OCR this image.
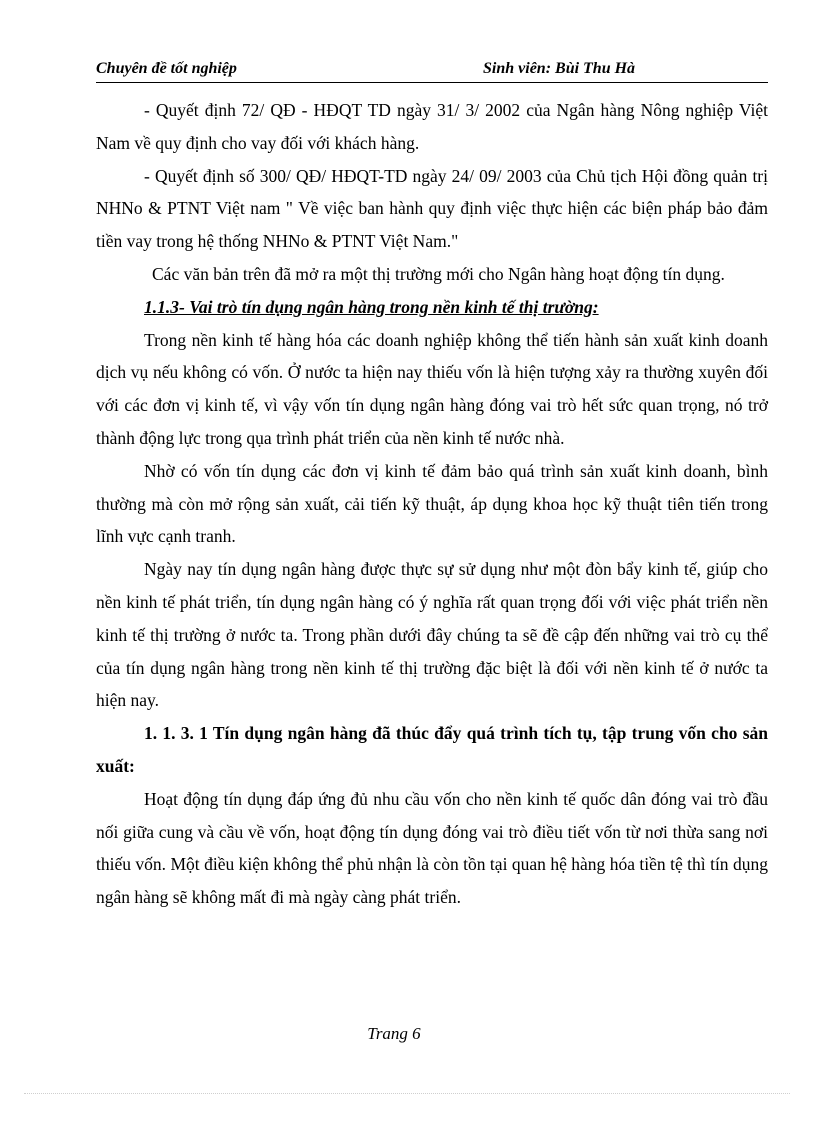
Chuyên đề tốt nghiệp	Sinh viên: Bùi Thu Hà

- Quyết định 72/ QĐ - HĐQT TD ngày 31/ 3/ 2002 của Ngân hàng Nông nghiệp Việt Nam về quy định cho vay đối với khách hàng.

- Quyết định số 300/ QĐ/ HĐQT-TD ngày 24/ 09/ 2003 của Chủ tịch Hội đồng quản trị NHNo & PTNT Việt nam " Về việc ban hành quy định việc thực hiện các biện pháp bảo đảm tiền vay trong hệ thống NHNo & PTNT Việt Nam."

Các văn bản trên đã mở ra một thị trường mới cho Ngân hàng hoạt động tín dụng.

1.1.3- Vai trò tín dụng ngân hàng trong nền kinh tế thị trường:

Trong nền kinh tế hàng hóa các doanh nghiệp không thể tiến hành sản xuất kinh doanh dịch vụ nếu không có vốn. Ở nước ta hiện nay thiếu vốn là hiện tượng xảy ra thường xuyên đối với các đơn vị kinh tế, vì vậy vốn tín dụng ngân hàng đóng vai trò hết sức quan trọng, nó trở thành động lực trong qụa trình phát triển của nền kinh tế nước nhà.

Nhờ có vốn tín dụng các đơn vị kinh tế đảm bảo quá trình sản xuất kinh doanh, bình thường mà còn mở rộng sản xuất, cải tiến kỹ thuật, áp dụng khoa học kỹ thuật tiên tiến trong lĩnh vực cạnh tranh.

Ngày nay tín dụng ngân hàng được thực sự sử dụng như một đòn bẩy kinh tế, giúp cho nền kinh tế phát triển, tín dụng ngân hàng có ý nghĩa rất quan trọng đối với việc phát triển nền kinh tế thị trường ở nước ta. Trong phần dưới đây chúng ta sẽ đề cập đến những vai trò cụ thể của tín dụng ngân hàng trong nền kinh tế thị trường đặc biệt là đối với nền kinh tế ở nước ta hiện nay.

1. 1. 3. 1 Tín dụng ngân hàng đã thúc đẩy quá trình tích tụ, tập trung vốn cho sản xuất:

Hoạt động tín dụng đáp ứng đủ nhu cầu vốn cho nền kinh tế quốc dân đóng vai trò đầu nối giữa cung và cầu về vốn, hoạt động tín dụng đóng vai trò điều tiết vốn từ nơi thừa sang nơi thiếu vốn. Một điều kiện không thể phủ nhận là còn tồn tại quan hệ hàng hóa tiền tệ thì tín dụng ngân hàng sẽ không mất đi mà ngày càng phát triển.

Trang 6
